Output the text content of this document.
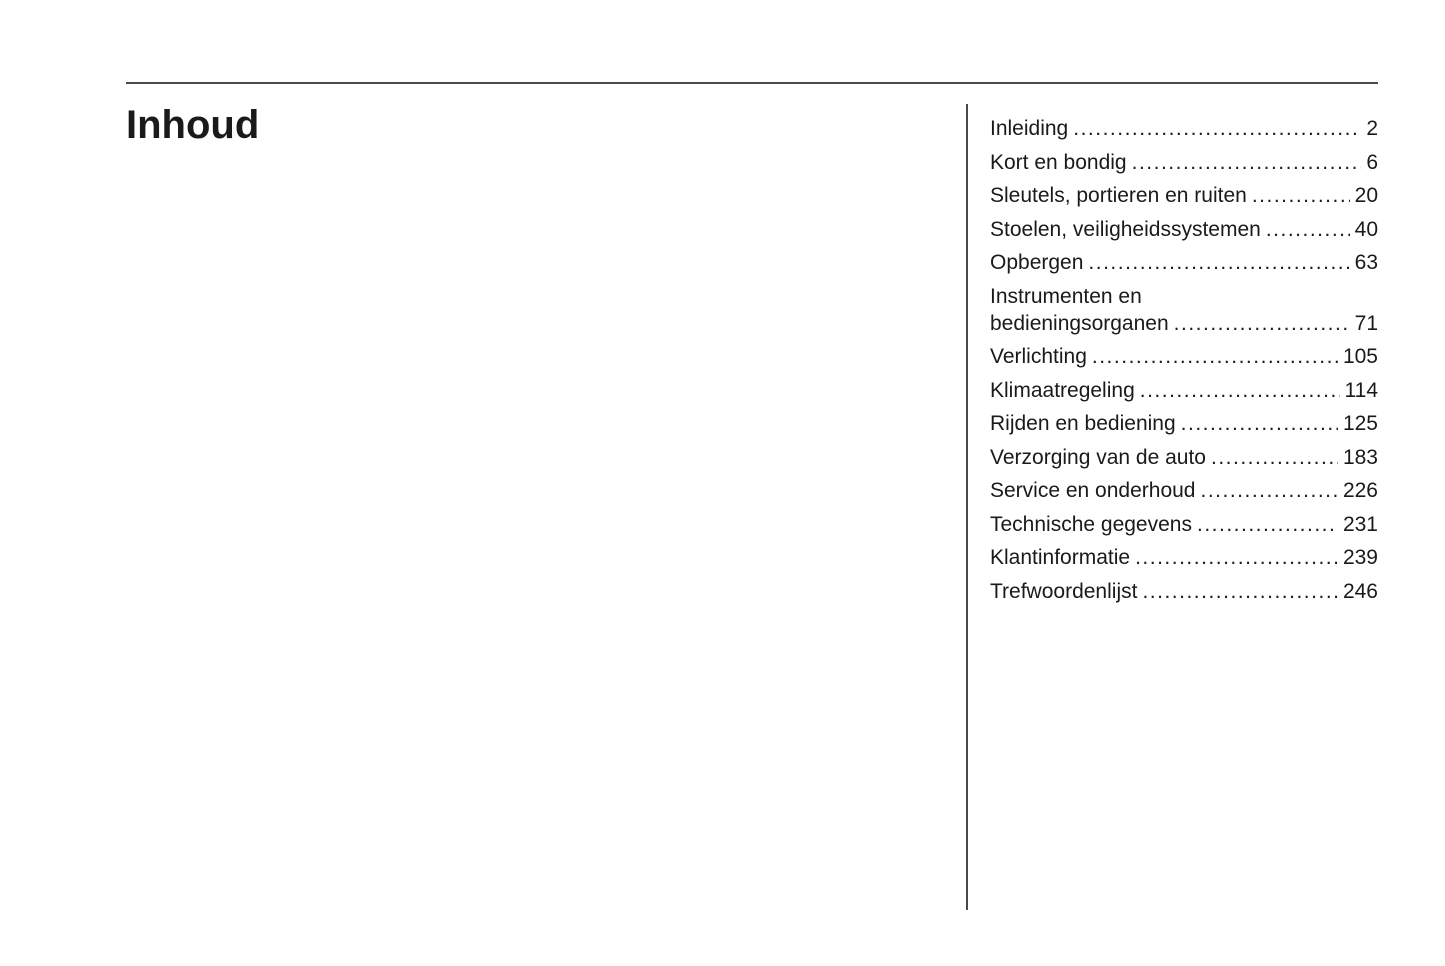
Inhoud	Inleiding .....	2
Kort en bondig .....	6
Sleutels, portieren en ruiten .....	20
Stoelen, veiligheidssystemen .....	40
Opbergen .....	63
Instrumenten en
bedieningsorganen .....	71
Verlichting .....	105
Klimaatregeling .....	114
Rijden en bediening .....	125
Verzorging van de auto .....	183
Service en onderhoud .....	226
Technische gegevens .....	231
Klantinformatie .....	239
Trefwoordenlijst .....	246
